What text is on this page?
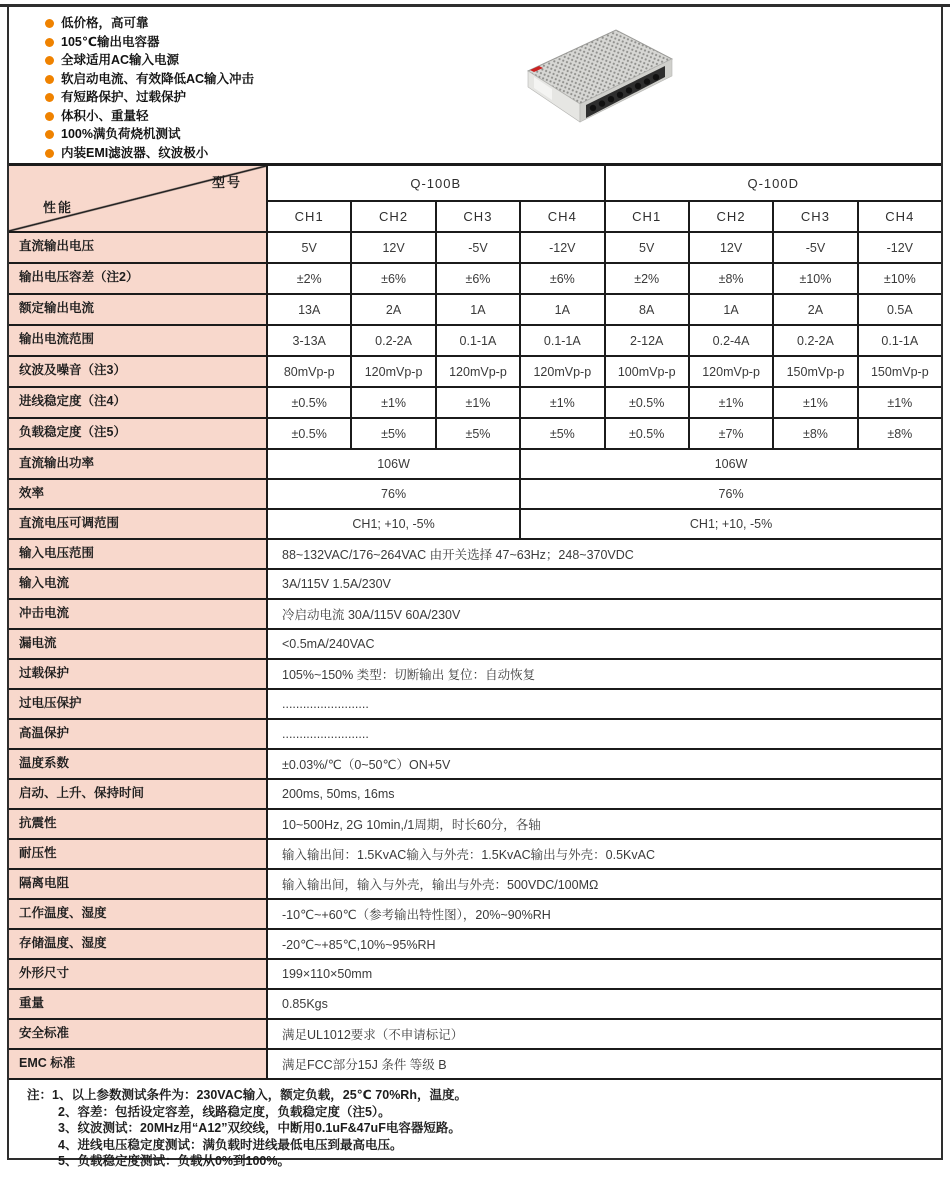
低价格，高可靠
105℃输出电容器
全球适用AC输入电源
软启动电流、有效降低AC输入冲击
有短路保护、过载保护
体积小、重量轻
100%满负荷烧机测试
内装EMI滤波器、纹波极小
型号
性能
Q-100B	Q-100D
CH1	CH2	CH3	CH4	CH1	CH2	CH3	CH4
直流输出电压	5V	12V	-5V	-12V	5V	12V	-5V	-12V
输出电压容差（注2）	±2%	±6%	±6%	±6%	±2%	±8%	±10%	±10%
额定输出电流	13A	2A	1A	1A	8A	1A	2A	0.5A
输出电流范围	3-13A	0.2-2A	0.1-1A	0.1-1A	2-12A	0.2-4A	0.2-2A	0.1-1A
纹波及噪音（注3）	80mVp-p	120mVp-p	120mVp-p	120mVp-p	100mVp-p	120mVp-p	150mVp-p	150mVp-p
进线稳定度（注4）	±0.5%	±1%	±1%	±1%	±0.5%	±1%	±1%	±1%
负载稳定度（注5）	±0.5%	±5%	±5%	±5%	±0.5%	±7%	±8%	±8%
直流输出功率	106W	106W
效率	76%	76%
直流电压可调范围	CH1; +10, -5%	CH1; +10, -5%
输入电压范围	88~132VAC/176~264VAC 由开关选择 47~63Hz；248~370VDC
输入电流	3A/115V 1.5A/230V
冲击电流	冷启动电流 30A/115V 60A/230V
漏电流	<0.5mA/240VAC
过载保护	105%~150% 类型：切断输出 复位：自动恢复
过电压保护	.........................
高温保护	.........................
温度系数	±0.03%/℃（0~50℃）ON+5V
启动、上升、保持时间	200ms, 50ms, 16ms
抗震性	10~500Hz, 2G 10min,/1周期，时长60分，各轴
耐压性	输入输出间：1.5KvAC输入与外壳：1.5KvAC输出与外壳：0.5KvAC
隔离电阻	输入输出间，输入与外壳，输出与外壳：500VDC/100MΩ
工作温度、湿度	-10℃~+60℃（参考输出特性图），20%~90%RH
存储温度、湿度	-20℃~+85℃,10%~95%RH
外形尺寸	199×110×50mm
重量	0.85Kgs
安全标准	满足UL1012要求（不申请标记）
EMC 标准	满足FCC部分15J 条件 等级 B
注：1、以上参数测试条件为：230VAC输入，额定负载，25℃ 70%Rh，温度。
2、容差：包括设定容差，线路稳定度，负载稳定度（注5）。
3、纹波测试：20MHz用“A12”双绞线，中断用0.1uF&47uF电容器短路。
4、进线电压稳定度测试：满负载时进线最低电压到最高电压。
5、负载稳定度测试：负载从0%到100%。
